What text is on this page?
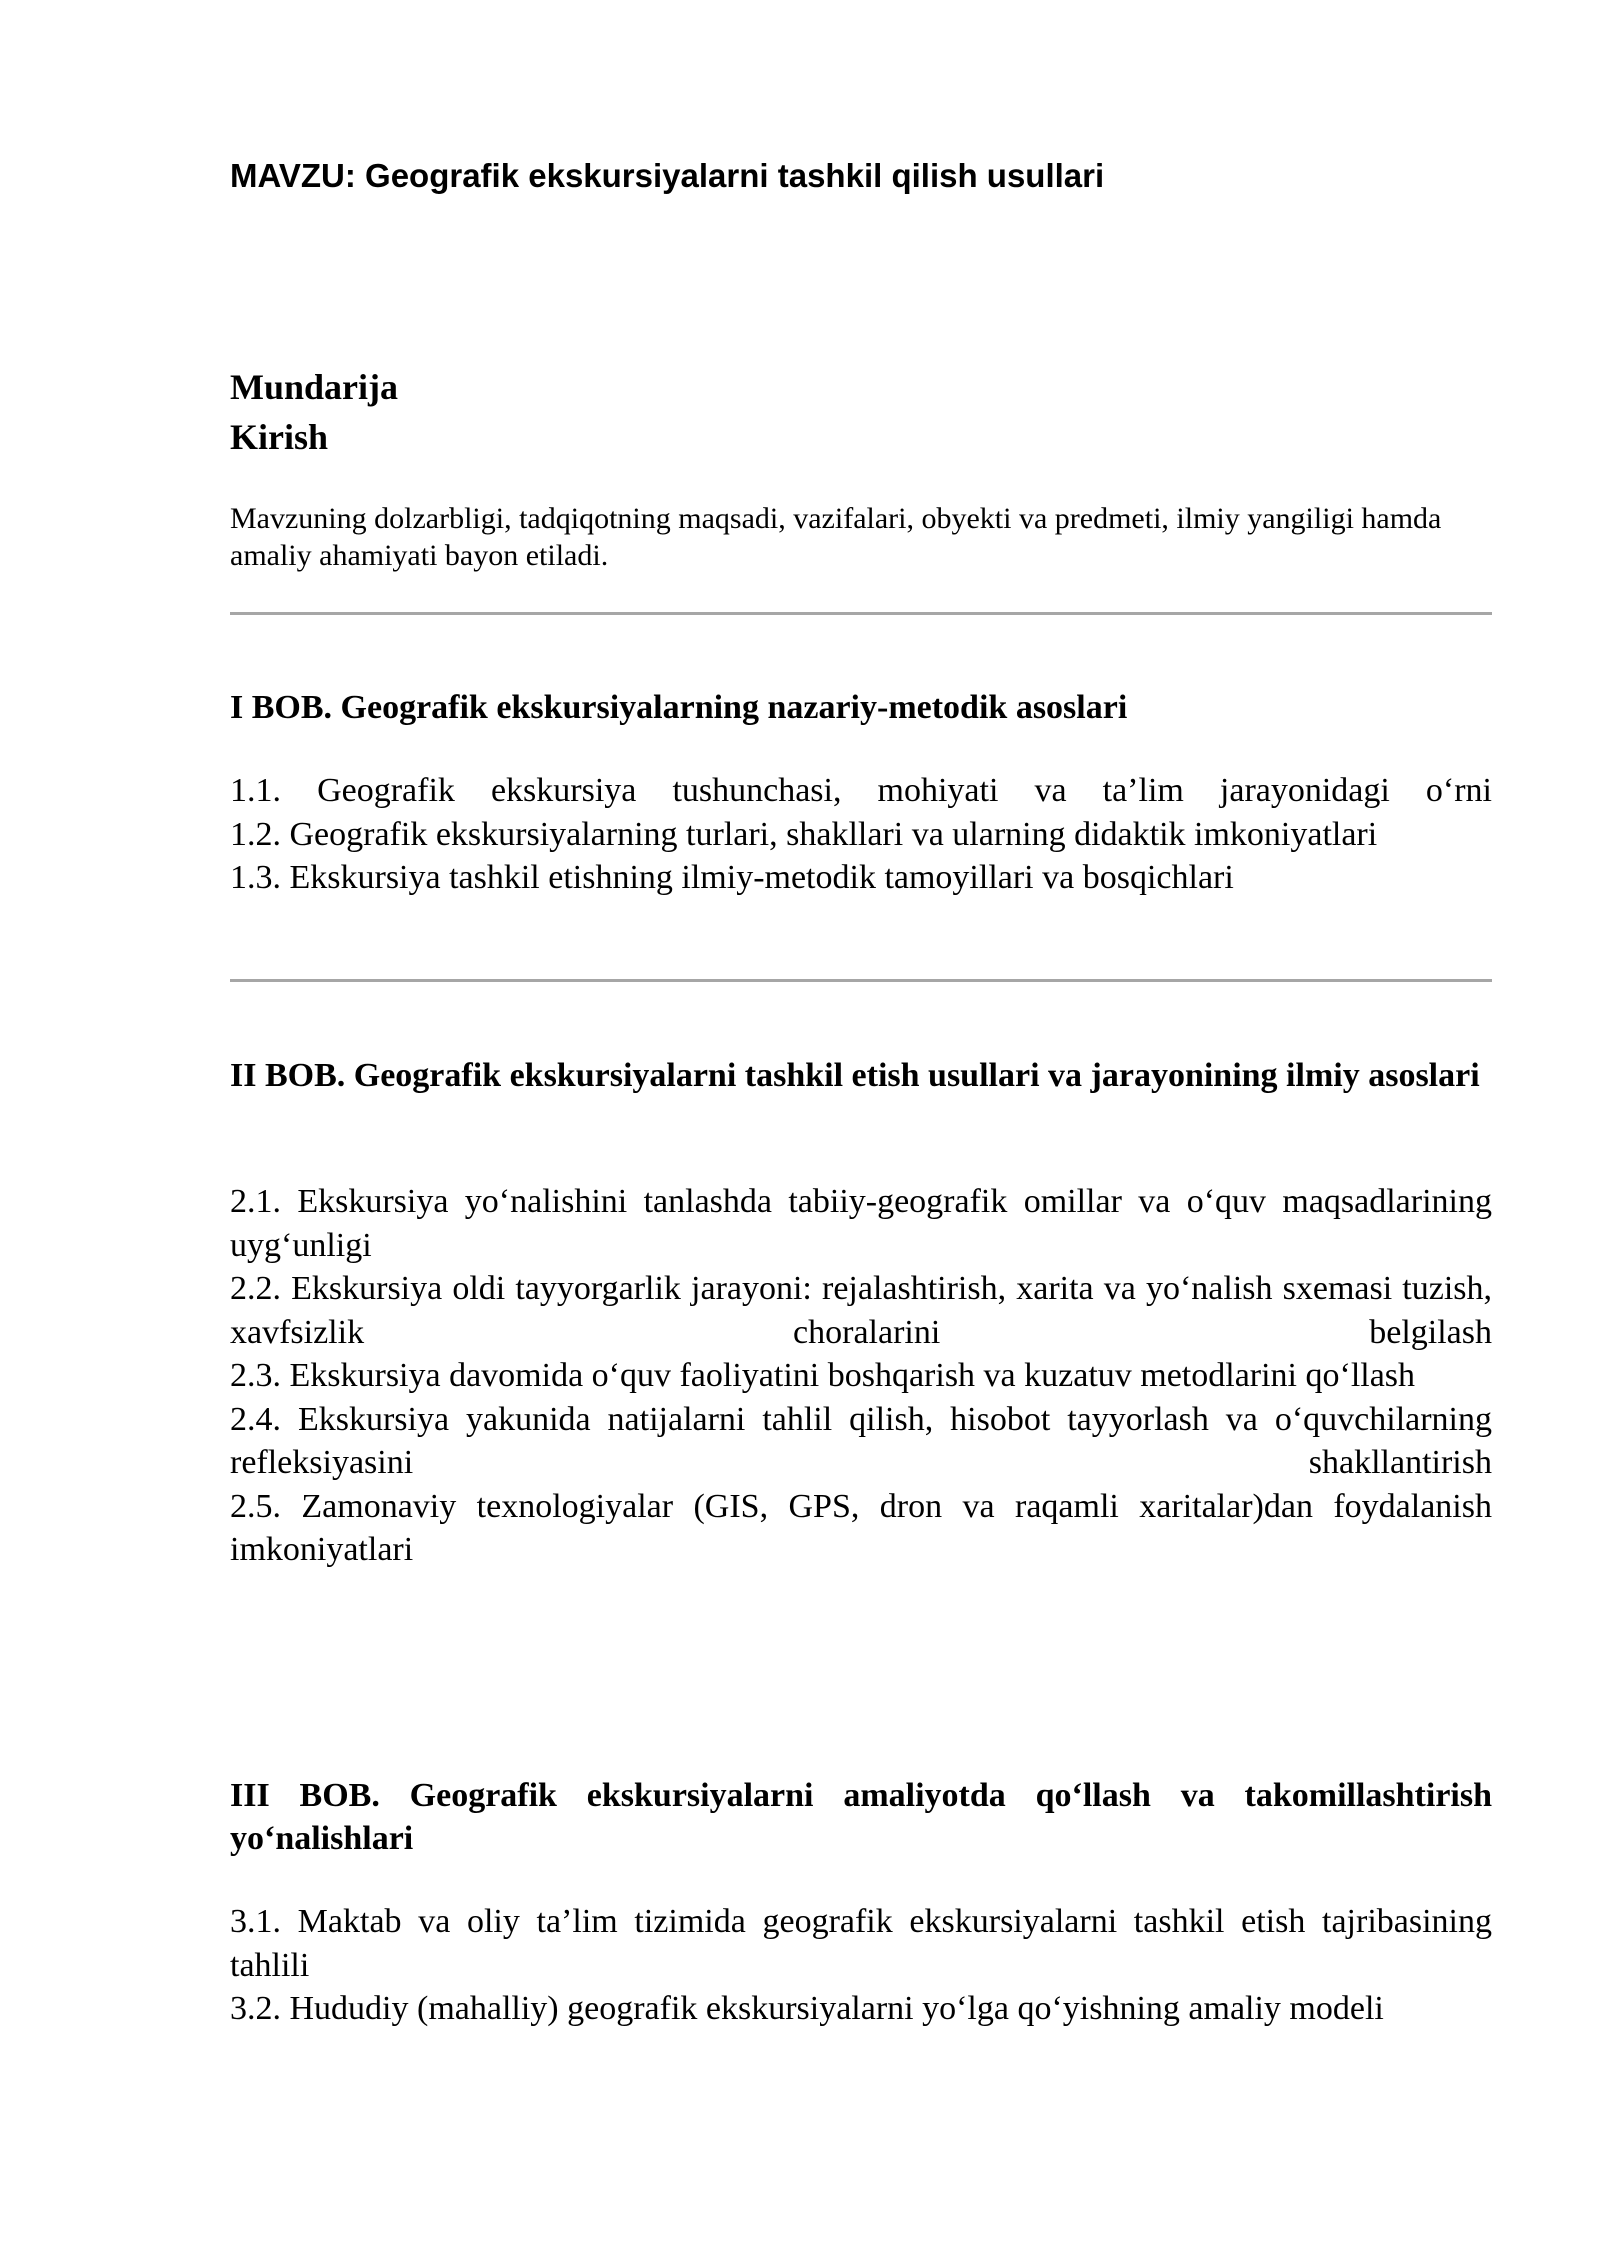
MAVZU: Geografik ekskursiyalarni tashkil qilish usullari
Mundarija
Kirish
Mavzuning dolzarbligi, tadqiqotning maqsadi, vazifalari, obyekti va predmeti, ilmiy yangiligi hamda amaliy ahamiyati bayon etiladi.
I BOB. Geografik ekskursiyalarning nazariy-metodik asoslari
1.1. Geografik ekskursiya tushunchasi, mohiyati va ta’lim jarayonidagi o‘rni
1.2. Geografik ekskursiyalarning turlari, shakllari va ularning didaktik imkoniyatlari
1.3. Ekskursiya tashkil etishning ilmiy-metodik tamoyillari va bosqichlari
II BOB. Geografik ekskursiyalarni tashkil etish usullari va jarayonining ilmiy asoslari
2.1. Ekskursiya yo‘nalishini tanlashda tabiiy-geografik omillar va o‘quv maqsadlarining uyg‘unligi
2.2. Ekskursiya oldi tayyorgarlik jarayoni: rejalashtirish, xarita va yo‘nalish sxemasi tuzish, xavfsizlik choralarini belgilash
2.3. Ekskursiya davomida o‘quv faoliyatini boshqarish va kuzatuv metodlarini qo‘llash
2.4. Ekskursiya yakunida natijalarni tahlil qilish, hisobot tayyorlash va o‘quvchilarning refleksiyasini shakllantirish
2.5. Zamonaviy texnologiyalar (GIS, GPS, dron va raqamli xaritalar)dan foydalanish imkoniyatlari
III BOB. Geografik ekskursiyalarni amaliyotda qo‘llash va takomillashtirish yo‘nalishlari
3.1. Maktab va oliy ta’lim tizimida geografik ekskursiyalarni tashkil etish tajribasining tahlili
3.2. Hududiy (mahalliy) geografik ekskursiyalarni yo‘lga qo‘yishning amaliy modeli
